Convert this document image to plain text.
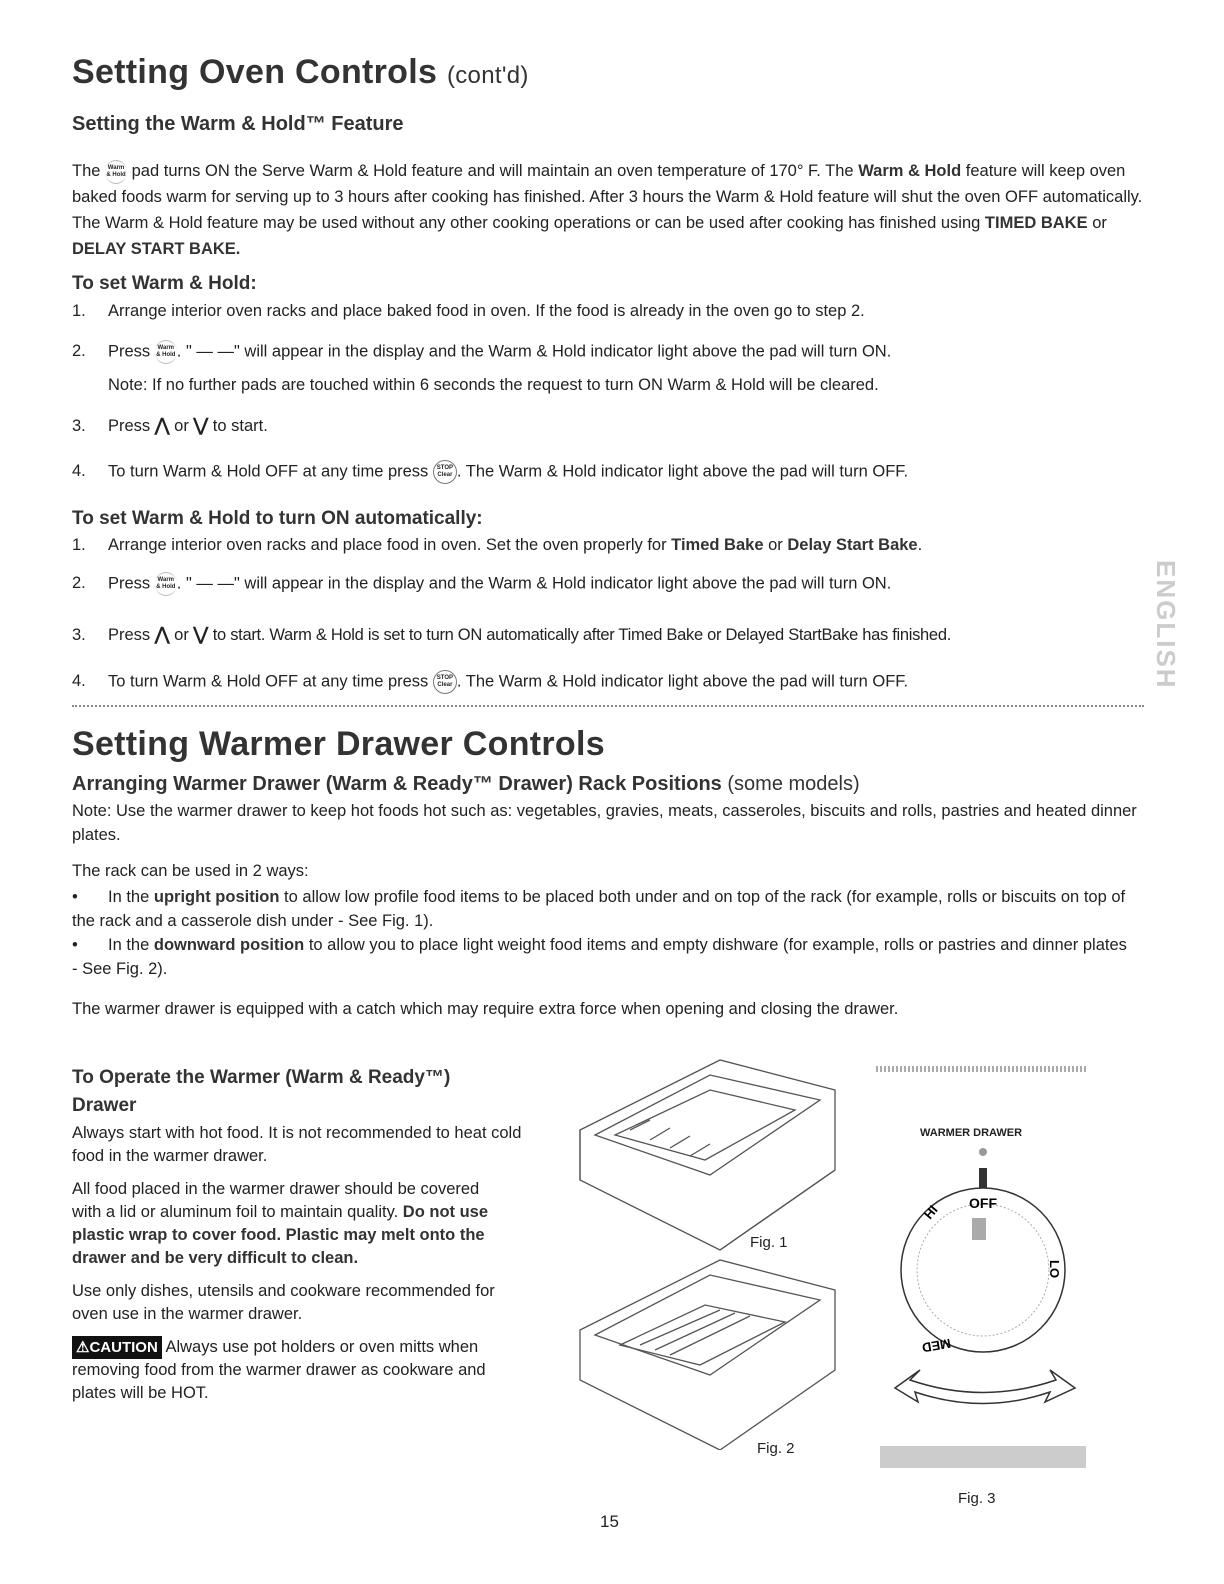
Setting Oven Controls (cont'd)
Setting the Warm & Hold™ Feature

The Warm & Hold pad turns ON the Serve Warm & Hold feature and will maintain an oven temperature of 170° F. The Warm & Hold feature will keep oven baked foods warm for serving up to 3 hours after cooking has finished. After 3 hours the Warm & Hold feature will shut the oven OFF automatically. The Warm & Hold feature may be used without any other cooking operations or can be used after cooking has finished using TIMED BAKE or DELAY START BAKE.

To set Warm & Hold:
1. Arrange interior oven racks and place baked food in oven. If the food is already in the oven go to step 2.
2. Press Warm & Hold. " — —" will appear in the display and the Warm & Hold indicator light above the pad will turn ON.
Note: If no further pads are touched within 6 seconds the request to turn ON Warm & Hold will be cleared.
3. Press ⋀ or ⋁ to start.
4. To turn Warm & Hold OFF at any time press STOP Clear . The Warm & Hold indicator light above the pad will turn OFF.
To set Warm & Hold to turn ON automatically:
1. Arrange interior oven racks and place food in oven. Set the oven properly for Timed Bake or Delay Start Bake.
2. Press Warm & Hold. " — —" will appear in the display and the Warm & Hold indicator light above the pad will turn ON.
3. Press ⋀ or ⋁ to start. Warm & Hold is set to turn ON automatically after Timed Bake or Delayed StartBake has finished.
4. To turn Warm & Hold OFF at any time press STOP Clear . The Warm & Hold indicator light above the pad will turn OFF.	ENGLISH
Setting Warmer Drawer Controls
Arranging Warmer Drawer (Warm & Ready™ Drawer) Rack Positions (some models)

Note: Use the warmer drawer to keep hot foods hot such as: vegetables, gravies, meats, casseroles, biscuits and rolls, pastries and heated dinner plates.

The rack can be used in 2 ways:

• In the upright position to allow low profile food items to be placed both under and on top of the rack (for example, rolls or biscuits on top of the rack and a casserole dish under - See Fig. 1).
• In the downward position to allow you to place light weight food items and empty dishware (for example, rolls or pastries and dinner plates - See Fig. 2).

The warmer drawer is equipped with a catch which may require extra force when opening and closing the drawer.

To Operate the Warmer (Warm & Ready™) Drawer

Always start with hot food. It is not recommended to heat cold food in the warmer drawer.

All food placed in the warmer drawer should be covered with a lid or aluminum foil to maintain quality. Do not use plastic wrap to cover food. Plastic may melt onto the drawer and be very difficult to clean.

Use only dishes, utensils and cookware recommended for oven use in the warmer drawer.

⚠CAUTION Always use pot holders or oven mitts when removing food from the warmer drawer as cookware and plates will be HOT.

Fig. 1
Fig. 2
WARMER DRAWER
OFF
HI
LO
MED
Fig. 3
15
